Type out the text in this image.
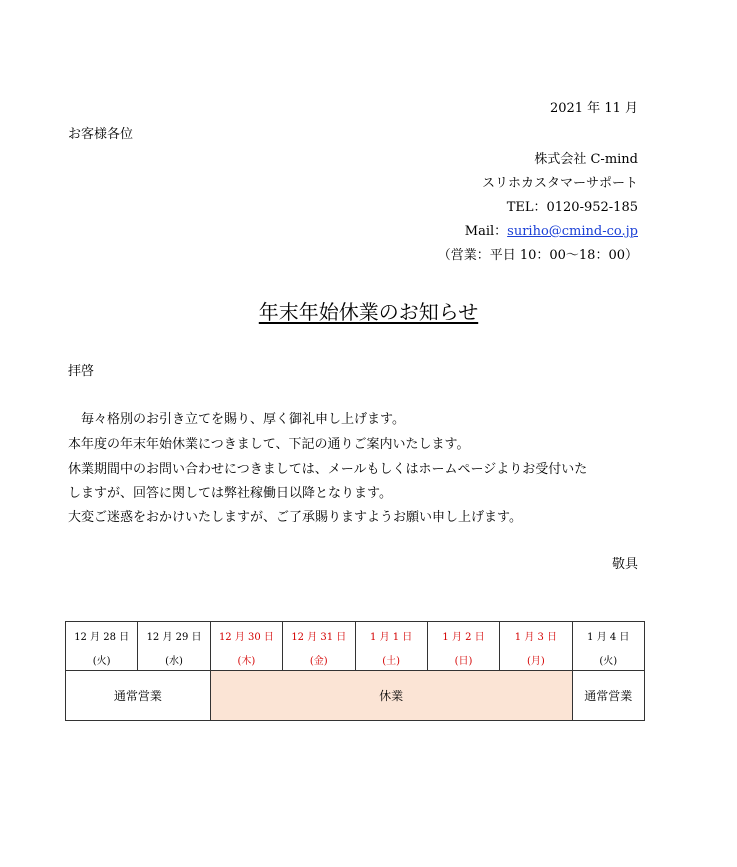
2021 年 11 月
お客様各位
株式会社 C-mind
スリホカスタマーサポート
TEL：0120-952-185
Mail：suriho@cmind-co.jp
（営業：平日 10：00～18：00）
年末年始休業のお知らせ
拝啓
　毎々格別のお引き立てを賜り、厚く御礼申し上げます。
本年度の年末年始休業につきまして、下記の通りご案内いたします。
休業期間中のお問い合わせにつきましては、メールもしくはホームページよりお受付いた
しますが、回答に関しては弊社稼働日以降となります。
大変ご迷惑をおかけいたしますが、ご了承賜りますようお願い申し上げます。
敬具
12 月 28 日	12 月 29 日	12 月 30 日	12 月 31 日	1 月 1 日	1 月 2 日	1 月 3 日	1 月 4 日
(火)	(水)	(木)	(金)	(土)	(日)	(月)	(火)
通常営業		休業					通常営業
